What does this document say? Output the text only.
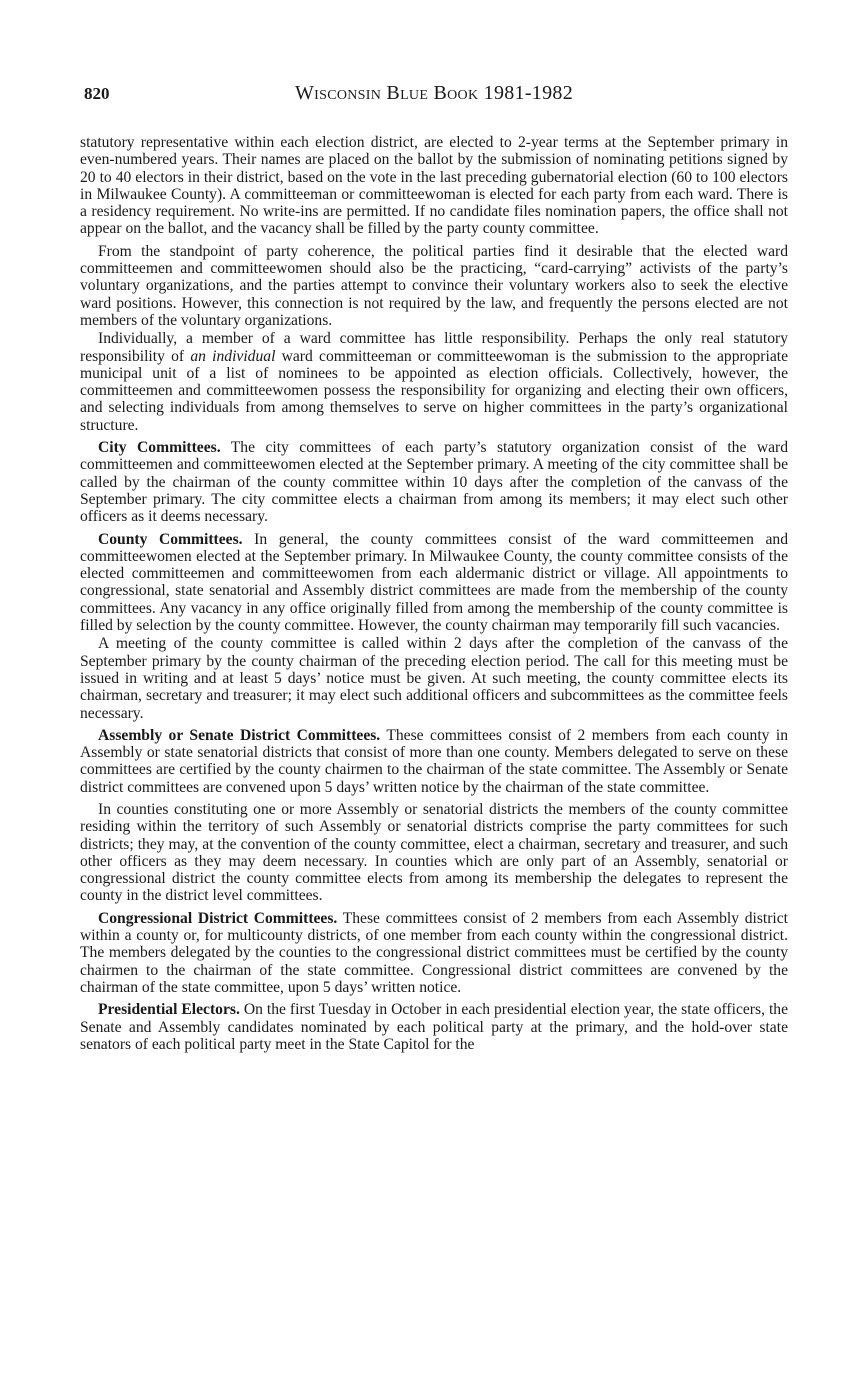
820	Wisconsin Blue Book 1981-1982

statutory representative within each election district, are elected to 2-year terms at the September primary in even-numbered years. Their names are placed on the ballot by the submission of nominating petitions signed by 20 to 40 electors in their district, based on the vote in the last preceding gubernatorial election (60 to 100 electors in Milwaukee County). A committeeman or committeewoman is elected for each party from each ward. There is a residency requirement. No write-ins are permitted. If no candidate files nomination papers, the office shall not appear on the ballot, and the vacancy shall be filled by the party county committee.

From the standpoint of party coherence, the political parties find it desirable that the elected ward committeemen and committeewomen should also be the practicing, “card-carrying” activists of the party’s voluntary organizations, and the parties attempt to convince their voluntary workers also to seek the elective ward positions. However, this connection is not required by the law, and frequently the persons elected are not members of the voluntary organizations.

Individually, a member of a ward committee has little responsibility. Perhaps the only real statutory responsibility of an individual ward committeeman or committeewoman is the submission to the appropriate municipal unit of a list of nominees to be appointed as election officials. Collectively, however, the committeemen and committeewomen possess the responsibility for organizing and electing their own officers, and selecting individuals from among themselves to serve on higher committees in the party’s organizational structure.

City Committees. The city committees of each party’s statutory organization consist of the ward committeemen and committeewomen elected at the September primary. A meeting of the city committee shall be called by the chairman of the county committee within 10 days after the completion of the canvass of the September primary. The city committee elects a chairman from among its members; it may elect such other officers as it deems necessary.

County Committees. In general, the county committees consist of the ward committeemen and committeewomen elected at the September primary. In Milwaukee County, the county committee consists of the elected committeemen and committeewomen from each aldermanic district or village. All appointments to congressional, state senatorial and Assembly district committees are made from the membership of the county committees. Any vacancy in any office originally filled from among the membership of the county committee is filled by selection by the county committee. However, the county chairman may temporarily fill such vacancies.

A meeting of the county committee is called within 2 days after the completion of the canvass of the September primary by the county chairman of the preceding election period. The call for this meeting must be issued in writing and at least 5 days’ notice must be given. At such meeting, the county committee elects its chairman, secretary and treasurer; it may elect such additional officers and subcommittees as the committee feels necessary.

Assembly or Senate District Committees. These committees consist of 2 members from each county in Assembly or state senatorial districts that consist of more than one county. Members delegated to serve on these committees are certified by the county chairmen to the chairman of the state committee. The Assembly or Senate district committees are convened upon 5 days’ written notice by the chairman of the state committee.

In counties constituting one or more Assembly or senatorial districts the members of the county committee residing within the territory of such Assembly or senatorial districts comprise the party committees for such districts; they may, at the convention of the county committee, elect a chairman, secretary and treasurer, and such other officers as they may deem necessary. In counties which are only part of an Assembly, senatorial or congressional district the county committee elects from among its membership the delegates to represent the county in the district level committees.

Congressional District Committees. These committees consist of 2 members from each Assembly district within a county or, for multicounty districts, of one member from each county within the congressional district. The members delegated by the counties to the congressional district committees must be certified by the county chairmen to the chairman of the state committee. Congressional district committees are convened by the chairman of the state committee, upon 5 days’ written notice.

Presidential Electors. On the first Tuesday in October in each presidential election year, the state officers, the Senate and Assembly candidates nominated by each political party at the primary, and the hold-over state senators of each political party meet in the State Capitol for the
